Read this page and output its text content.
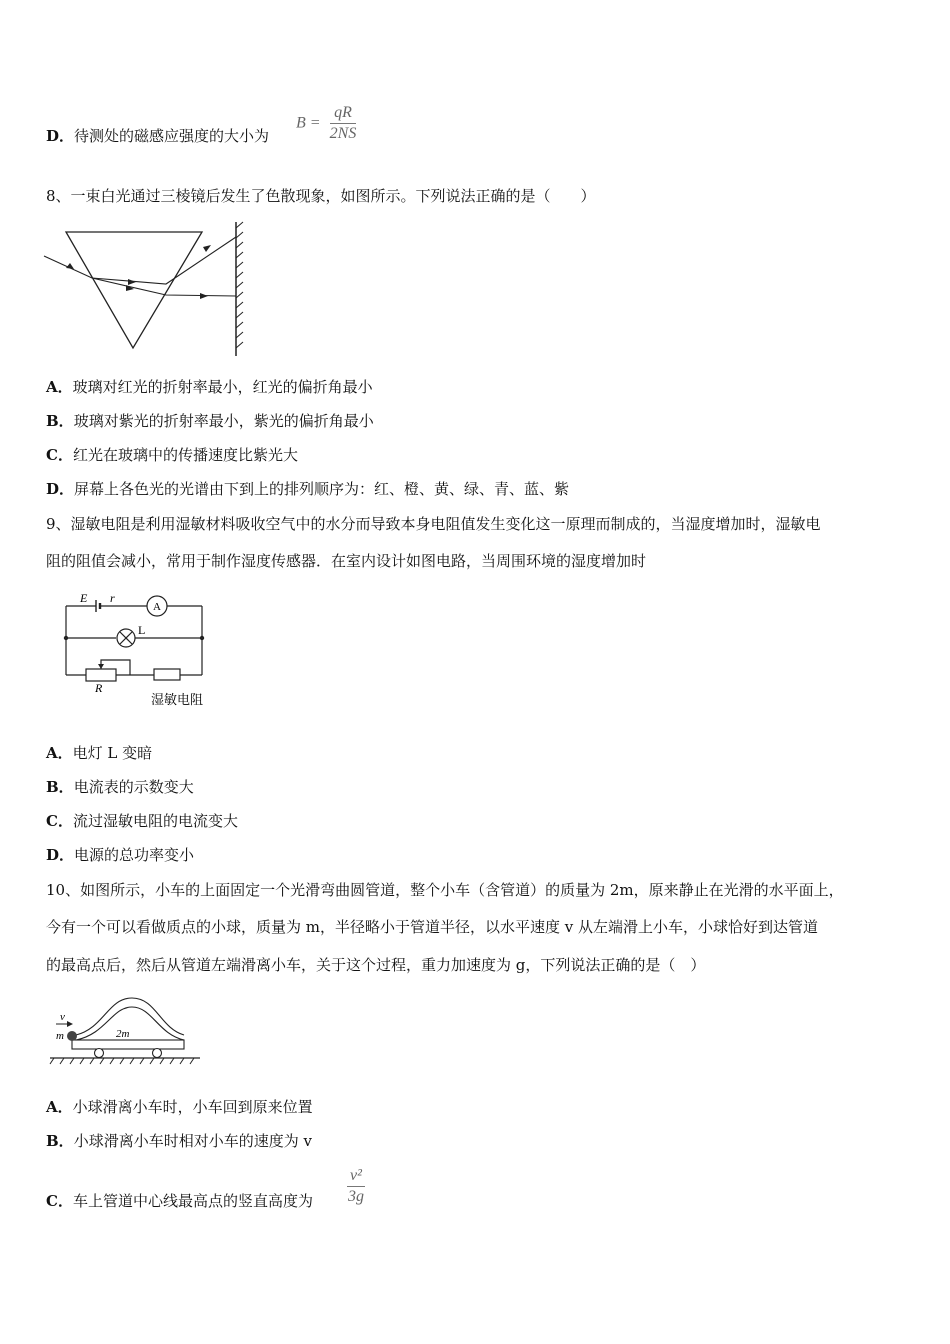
D．待测处的磁感应强度的大小为
$B = \frac{qR}{2NS}$
8、一束白光通过三棱镜后发生了色散现象，如图所示。下列说法正确的是（　　）
A．玻璃对红光的折射率最小，红光的偏折角最小
B．玻璃对紫光的折射率最小，紫光的偏折角最小
C．红光在玻璃中的传播速度比紫光大
D．屏幕上各色光的光谱由下到上的排列顺序为：红、橙、黄、绿、青、蓝、紫
9、湿敏电阻是利用湿敏材料吸收空气中的水分而导致本身电阻值发生变化这一原理而制成的，当湿度增加时，湿敏电
阻的阻值会减小，常用于制作湿度传感器．在室内设计如图电路，当周围环境的湿度增加时
E r
A
L
R
湿敏电阻
A．电灯 L 变暗
B．电流表的示数变大
C．流过湿敏电阻的电流变大
D．电源的总功率变小
10、如图所示，小车的上面固定一个光滑弯曲圆管道，整个小车（含管道）的质量为 2m，原来静止在光滑的水平面上，
今有一个可以看做质点的小球，质量为 m，半径略小于管道半径，以水平速度 v 从左端滑上小车，小球恰好到达管道
的最高点后，然后从管道左端滑离小车，关于这个过程，重力加速度为 g，下列说法正确的是（　）
v
m	2m
A．小球滑离小车时，小车回到原来位置
B．小球滑离小车时相对小车的速度为 v
C．车上管道中心线最高点的竖直高度为 $\frac{\text{v²}}{3g}$
